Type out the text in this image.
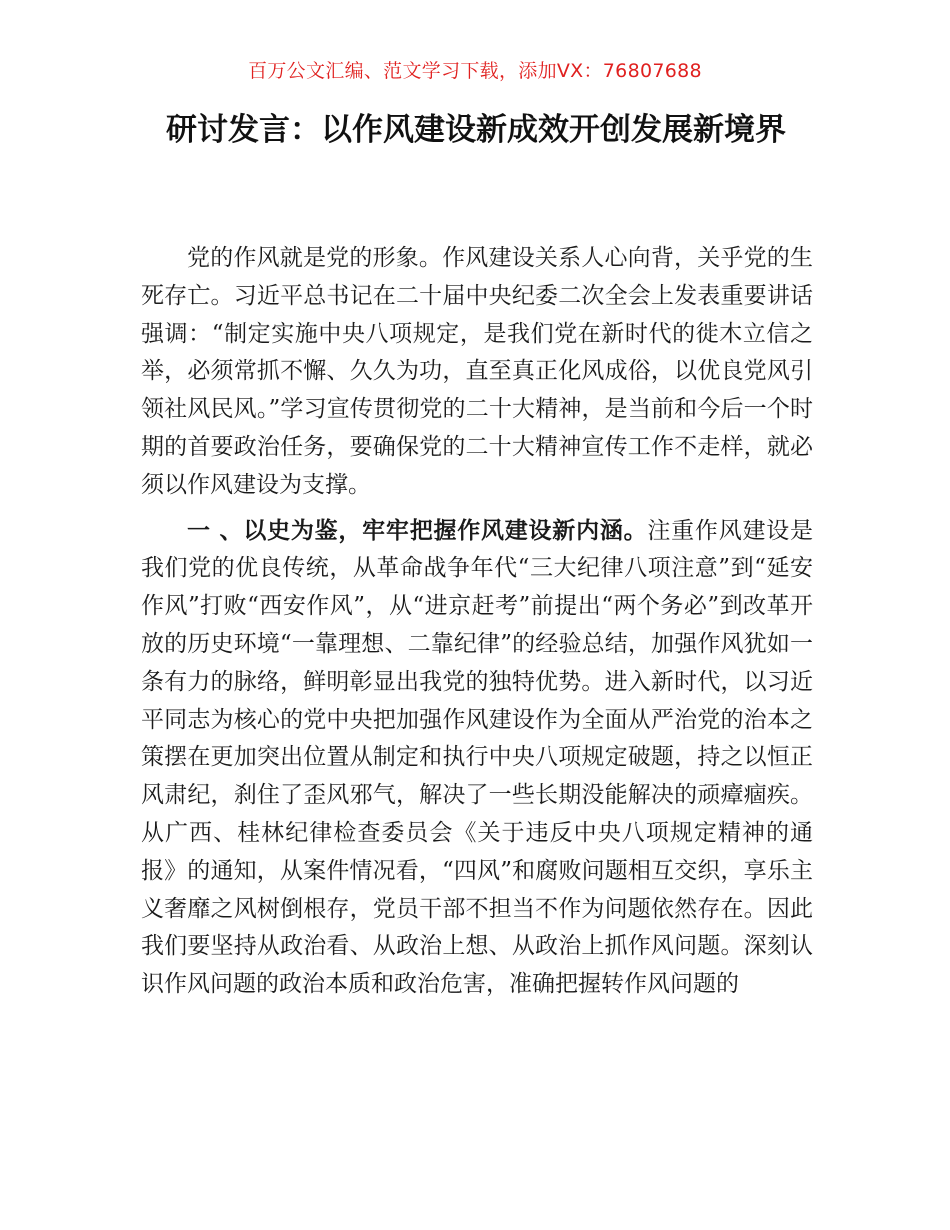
百万公文汇编、范文学习下载，添加VX：76807688
研讨发言：以作风建设新成效开创发展新境界

党的作风就是党的形象。作风建设关系人心向背，关乎党的生死存亡。习近平总书记在二十届中央纪委二次全会上发表重要讲话强调：“制定实施中央八项规定，是我们党在新时代的徙木立信之举，必须常抓不懈、久久为功，直至真正化风成俗，以优良党风引领社风民风。”学习宣传贯彻党的二十大精神，是当前和今后一个时期的首要政治任务，要确保党的二十大精神宣传工作不走样，就必须以作风建设为支撑。

一 、以史为鉴，牢牢把握作风建设新内涵。注重作风建设是我们党的优良传统，从革命战争年代“三大纪律八项注意”到“延安作风”打败“西安作风”，从“进京赶考”前提出“两个务必”到改革开放的历史环境“一靠理想、二靠纪律”的经验总结，加强作风犹如一条有力的脉络，鲜明彰显出我党的独特优势。进入新时代，以习近平同志为核心的党中央把加强作风建设作为全面从严治党的治本之策摆在更加突出位置从制定和执行中央八项规定破题，持之以恒正风肃纪，刹住了歪风邪气，解决了一些长期没能解决的顽瘴痼疾。从广西、桂林纪律检查委员会《关于违反中央八项规定精神的通报》的通知，从案件情况看，“四风”和腐败问题相互交织，享乐主义奢靡之风树倒根存，党员干部不担当不作为问题依然存在。因此我们要坚持从政治看、从政治上想、从政治上抓作风问题。深刻认识作风问题的政治本质和政治危害，准确把握转作风问题的
